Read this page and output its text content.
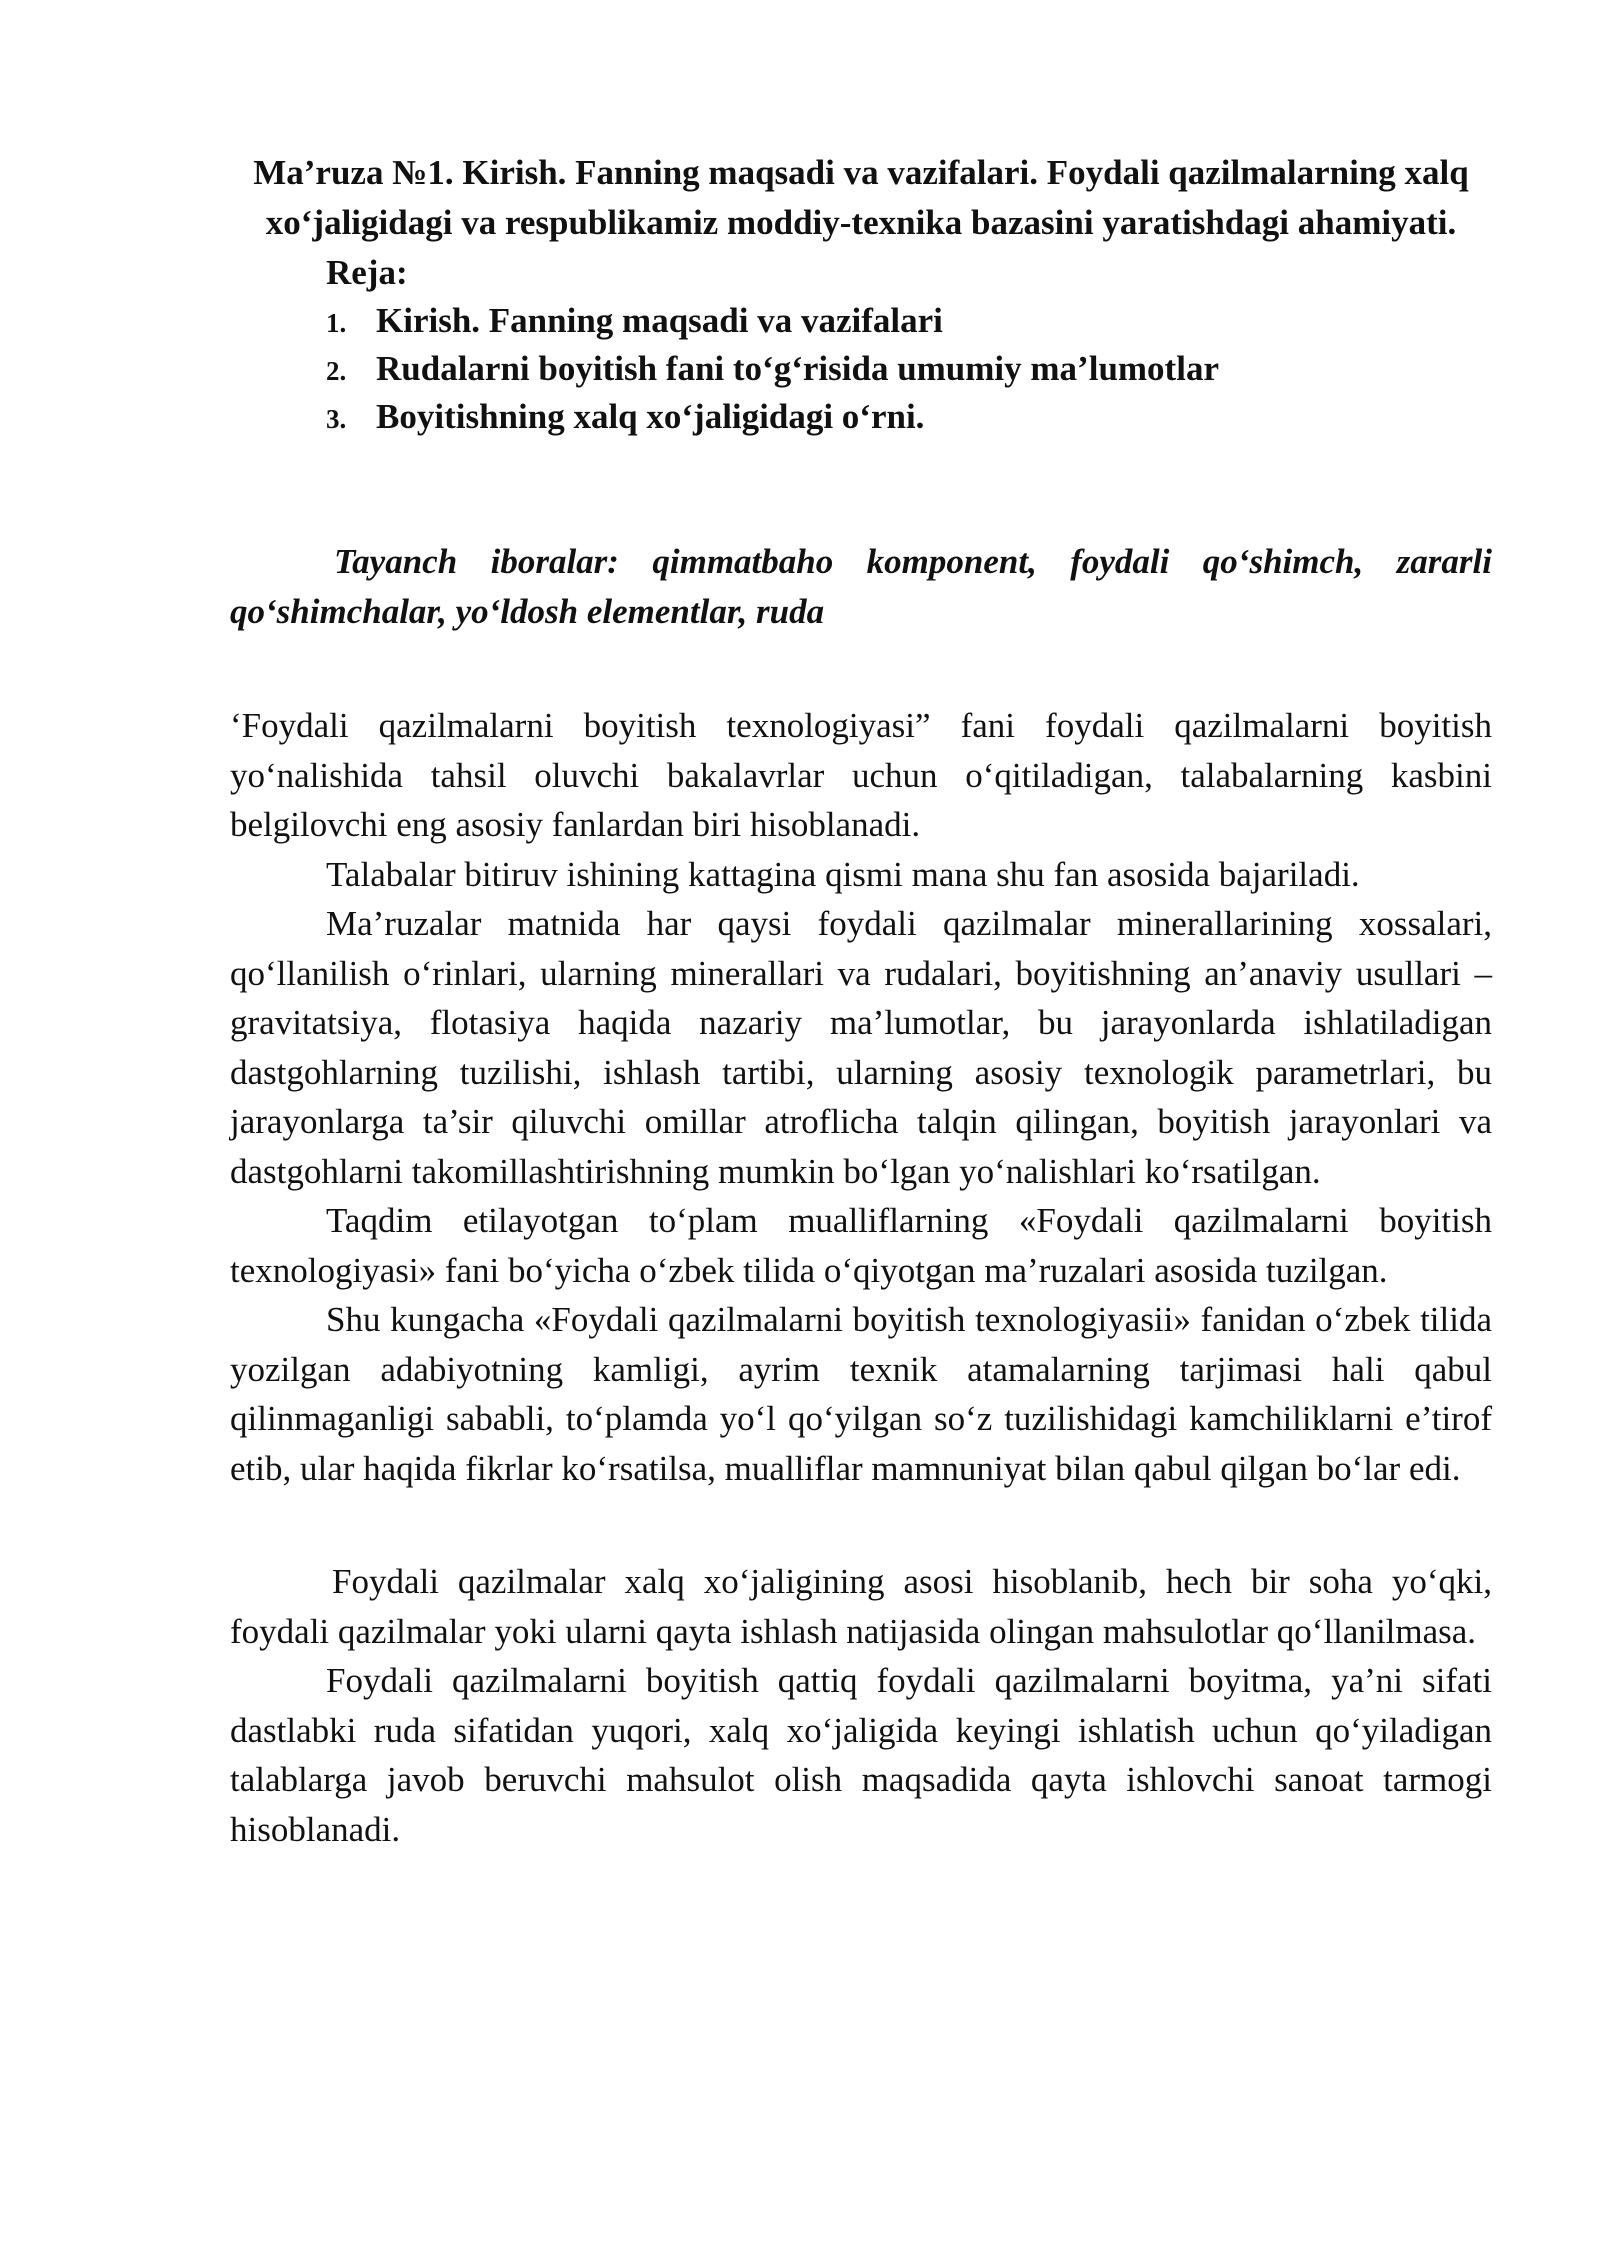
Ma’ruza №1. Kirish. Fanning maqsadi va vazifalari. Foydali qazilmalarning xalq xo‘jaligidagi va respublikamiz moddiy-texnika bazasini yaratishdagi ahamiyati.
Reja:
1. Kirish. Fanning maqsadi va vazifalari
2. Rudalarni boyitish fani to‘g‘risida umumiy ma’lumotlar
3. Boyitishning xalq xo‘jaligidagi o‘rni.

Tayanch iboralar: qimmatbaho komponent, foydali qo‘shimch, zararli qo‘shimchalar, yo‘ldosh elementlar, ruda

‘Foydali qazilmalarni boyitish texnologiyasi” fani foydali qazilmalarni boyitish yo‘nalishida tahsil oluvchi bakalavrlar uchun o‘qitiladigan, talabalarning kasbini belgilovchi eng asosiy fanlardan biri hisoblanadi.

Talabalar bitiruv ishining kattagina qismi mana shu fan asosida bajariladi.

Ma’ruzalar matnida har qaysi foydali qazilmalar minerallarining xossalari, qo‘llanilish o‘rinlari, ularning minerallari va rudalari, boyitishning an’anaviy usullari – gravitatsiya, flotasiya haqida nazariy ma’lumotlar, bu jarayonlarda ishlatiladigan dastgohlarning tuzilishi, ishlash tartibi, ularning asosiy texnologik parametrlari, bu jarayonlarga ta’sir qiluvchi omillar atroflicha talqin qilingan, boyitish jarayonlari va dastgohlarni takomillashtirishning mumkin bo‘lgan yo‘nalishlari ko‘rsatilgan.

Taqdim etilayotgan to‘plam mualliflarning «Foydali qazilmalarni boyitish texnologiyasi» fani bo‘yicha o‘zbek tilida o‘qiyotgan ma’ruzalari asosida tuzilgan.

Shu kungacha «Foydali qazilmalarni boyitish texnologiyasii» fanidan o‘zbek tilida yozilgan adabiyotning kamligi, ayrim texnik atamalarning tarjimasi hali qabul qilinmaganligi sababli, to‘plamda yo‘l qo‘yilgan so‘z tuzilishidagi kamchiliklarni e’tirof etib, ular haqida fikrlar ko‘rsatilsa, mualliflar mamnuniyat bilan qabul qilgan bo‘lar edi.

Foydali qazilmalar xalq xo‘jaligining asosi hisoblanib, hech bir soha yo‘qki, foydali qazilmalar yoki ularni qayta ishlash natijasida olingan mahsulotlar qo‘llanilmasa.

Foydali qazilmalarni boyitish qattiq foydali qazilmalarni boyitma, ya’ni sifati dastlabki ruda sifatidan yuqori, xalq xo‘jaligida keyingi ishlatish uchun qo‘yiladigan talablarga javob beruvchi mahsulot olish maqsadida qayta ishlovchi sanoat tarmogi hisoblanadi.
